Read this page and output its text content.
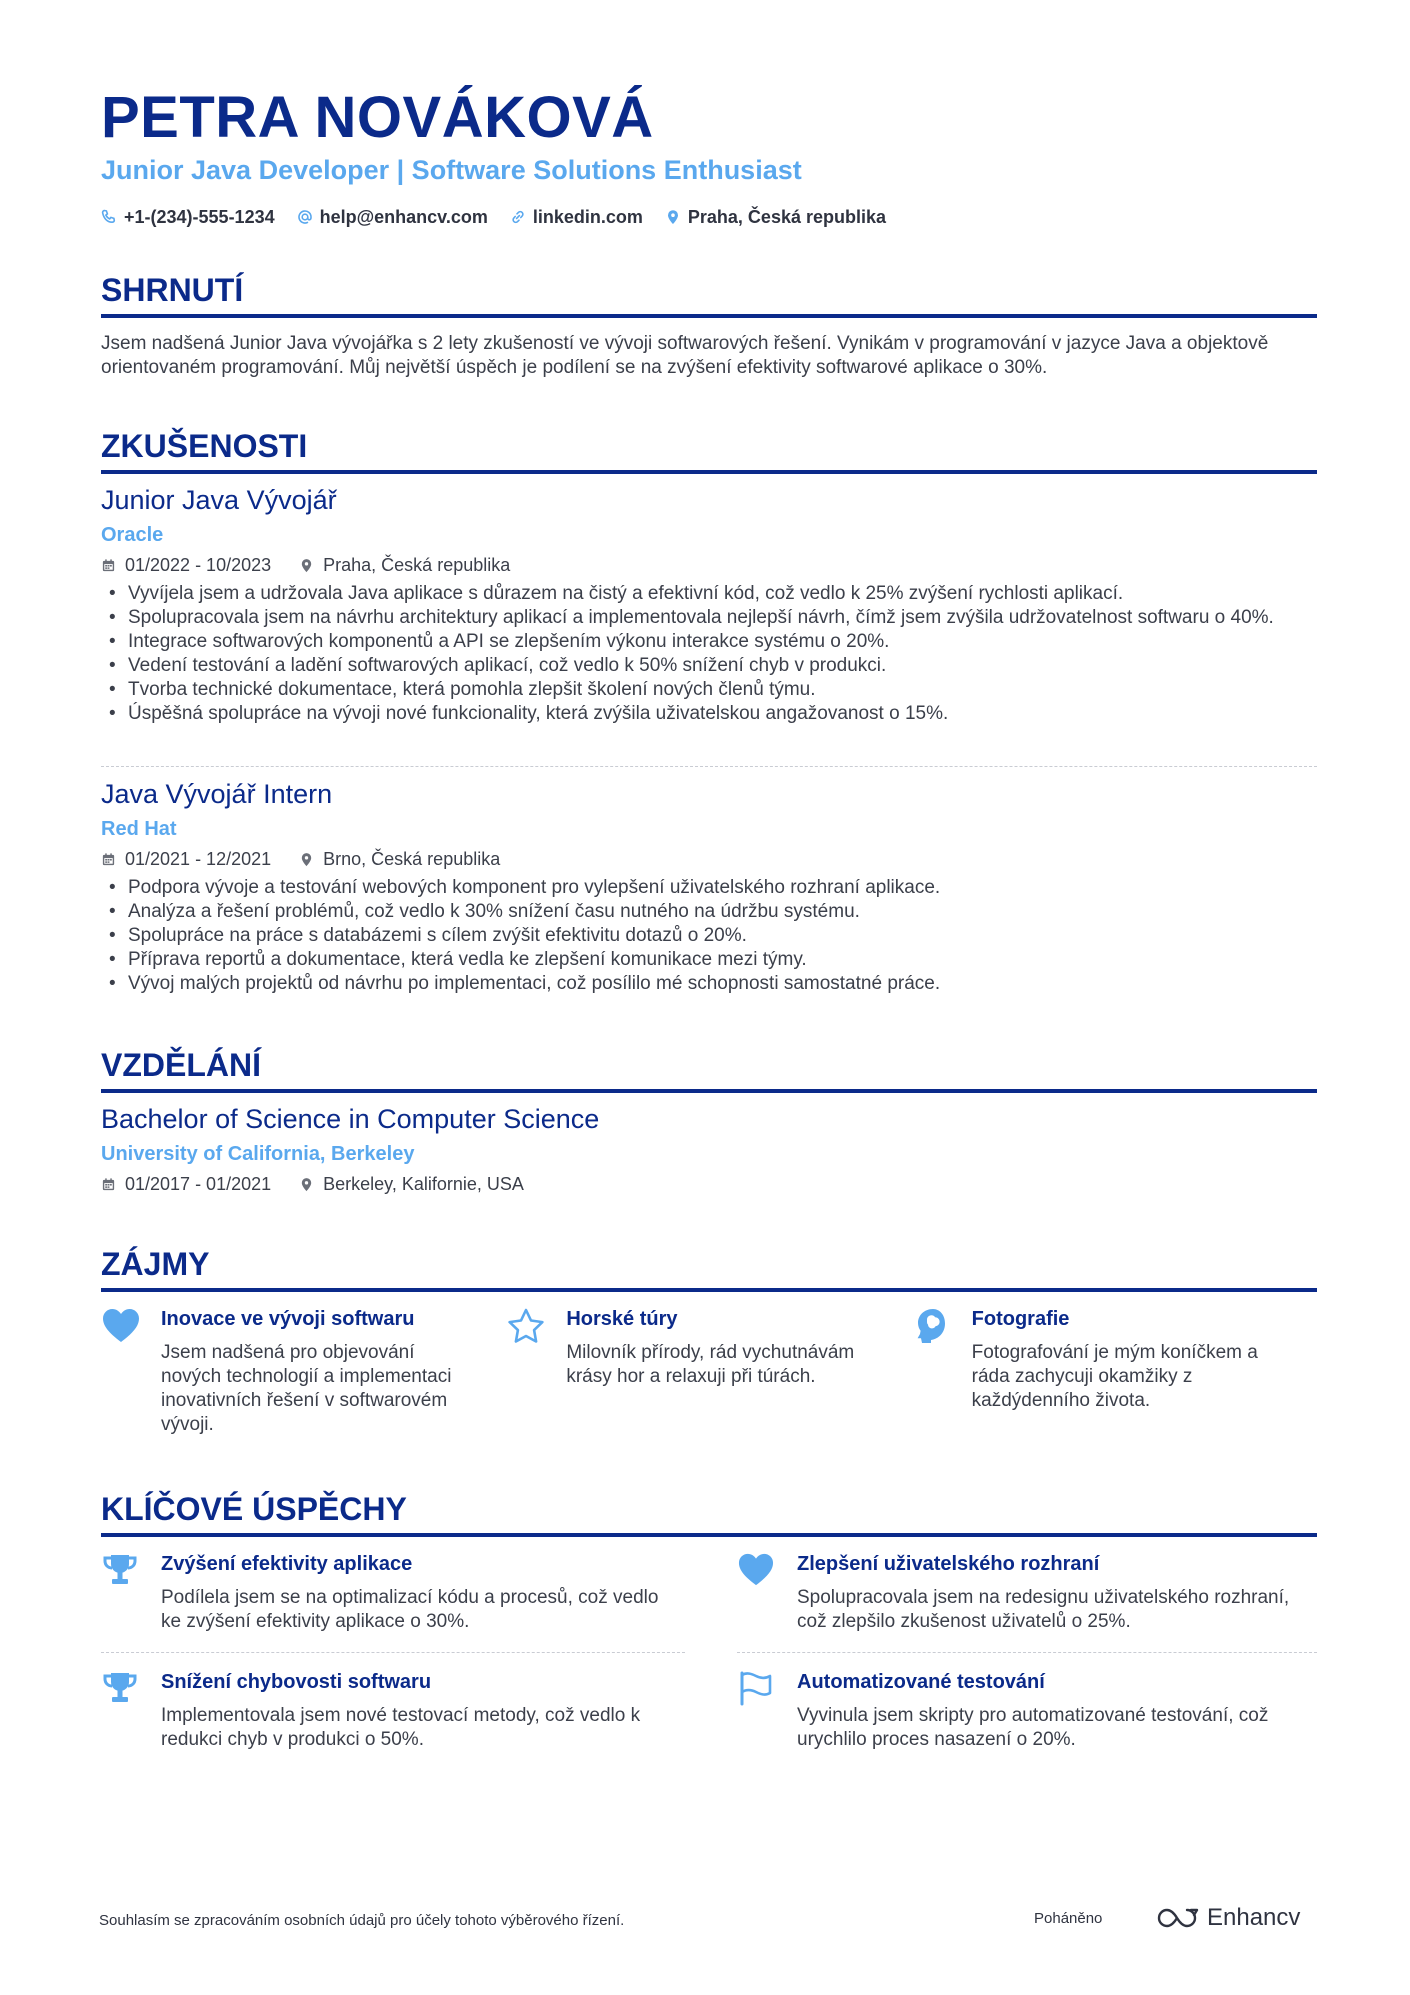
PETRA NOVÁKOVÁ
Junior Java Developer | Software Solutions Enthusiast
+1-(234)-555-1234	help@enhancv.com	linkedin.com	Praha, Česká republika
SHRNUTÍ
Jsem nadšená Junior Java vývojářka s 2 lety zkušeností ve vývoji softwarových řešení. Vynikám v programování v jazyce Java a objektově orientovaném programování. Můj největší úspěch je podílení se na zvýšení efektivity softwarové aplikace o 30%.
ZKUŠENOSTI
Junior Java Vývojář
Oracle
01/2022 - 10/2023	Praha, Česká republika
• Vyvíjela jsem a udržovala Java aplikace s důrazem na čistý a efektivní kód, což vedlo k 25% zvýšení rychlosti aplikací.
• Spolupracovala jsem na návrhu architektury aplikací a implementovala nejlepší návrh, čímž jsem zvýšila udržovatelnost softwaru o 40%.
• Integrace softwarových komponentů a API se zlepšením výkonu interakce systému o 20%.
• Vedení testování a ladění softwarových aplikací, což vedlo k 50% snížení chyb v produkci.
• Tvorba technické dokumentace, která pomohla zlepšit školení nových členů týmu.
• Úspěšná spolupráce na vývoji nové funkcionality, která zvýšila uživatelskou angažovanost o 15%.
Java Vývojář Intern
Red Hat
01/2021 - 12/2021	Brno, Česká republika
• Podpora vývoje a testování webových komponent pro vylepšení uživatelského rozhraní aplikace.
• Analýza a řešení problémů, což vedlo k 30% snížení času nutného na údržbu systému.
• Spolupráce na práce s databázemi s cílem zvýšit efektivitu dotazů o 20%.
• Příprava reportů a dokumentace, která vedla ke zlepšení komunikace mezi týmy.
• Vývoj malých projektů od návrhu po implementaci, což posílilo mé schopnosti samostatné práce.
VZDĚLÁNÍ
Bachelor of Science in Computer Science
University of California, Berkeley
01/2017 - 01/2021	Berkeley, Kalifornie, USA
ZÁJMY
Inovace ve vývoji softwaru
Jsem nadšená pro objevování nových technologií a implementaci inovativních řešení v softwarovém vývoji.
Horské túry
Milovník přírody, rád vychutnávám krásy hor a relaxuji při túrách.
Fotografie
Fotografování je mým koníčkem a ráda zachycuji okamžiky z každýdenního života.
KLÍČOVÉ ÚSPĚCHY
Zvýšení efektivity aplikace
Podílela jsem se na optimalizací kódu a procesů, což vedlo ke zvýšení efektivity aplikace o 30%.
Zlepšení uživatelského rozhraní
Spolupracovala jsem na redesignu uživatelského rozhraní, což zlepšilo zkušenost uživatelů o 25%.
Snížení chybovosti softwaru
Implementovala jsem nové testovací metody, což vedlo k redukci chyb v produkci o 50%.
Automatizované testování
Vyvinula jsem skripty pro automatizované testování, což urychlilo proces nasazení o 20%.
Souhlasím se zpracováním osobních údajů pro účely tohoto výběrového řízení.	Poháněno	Enhancv
